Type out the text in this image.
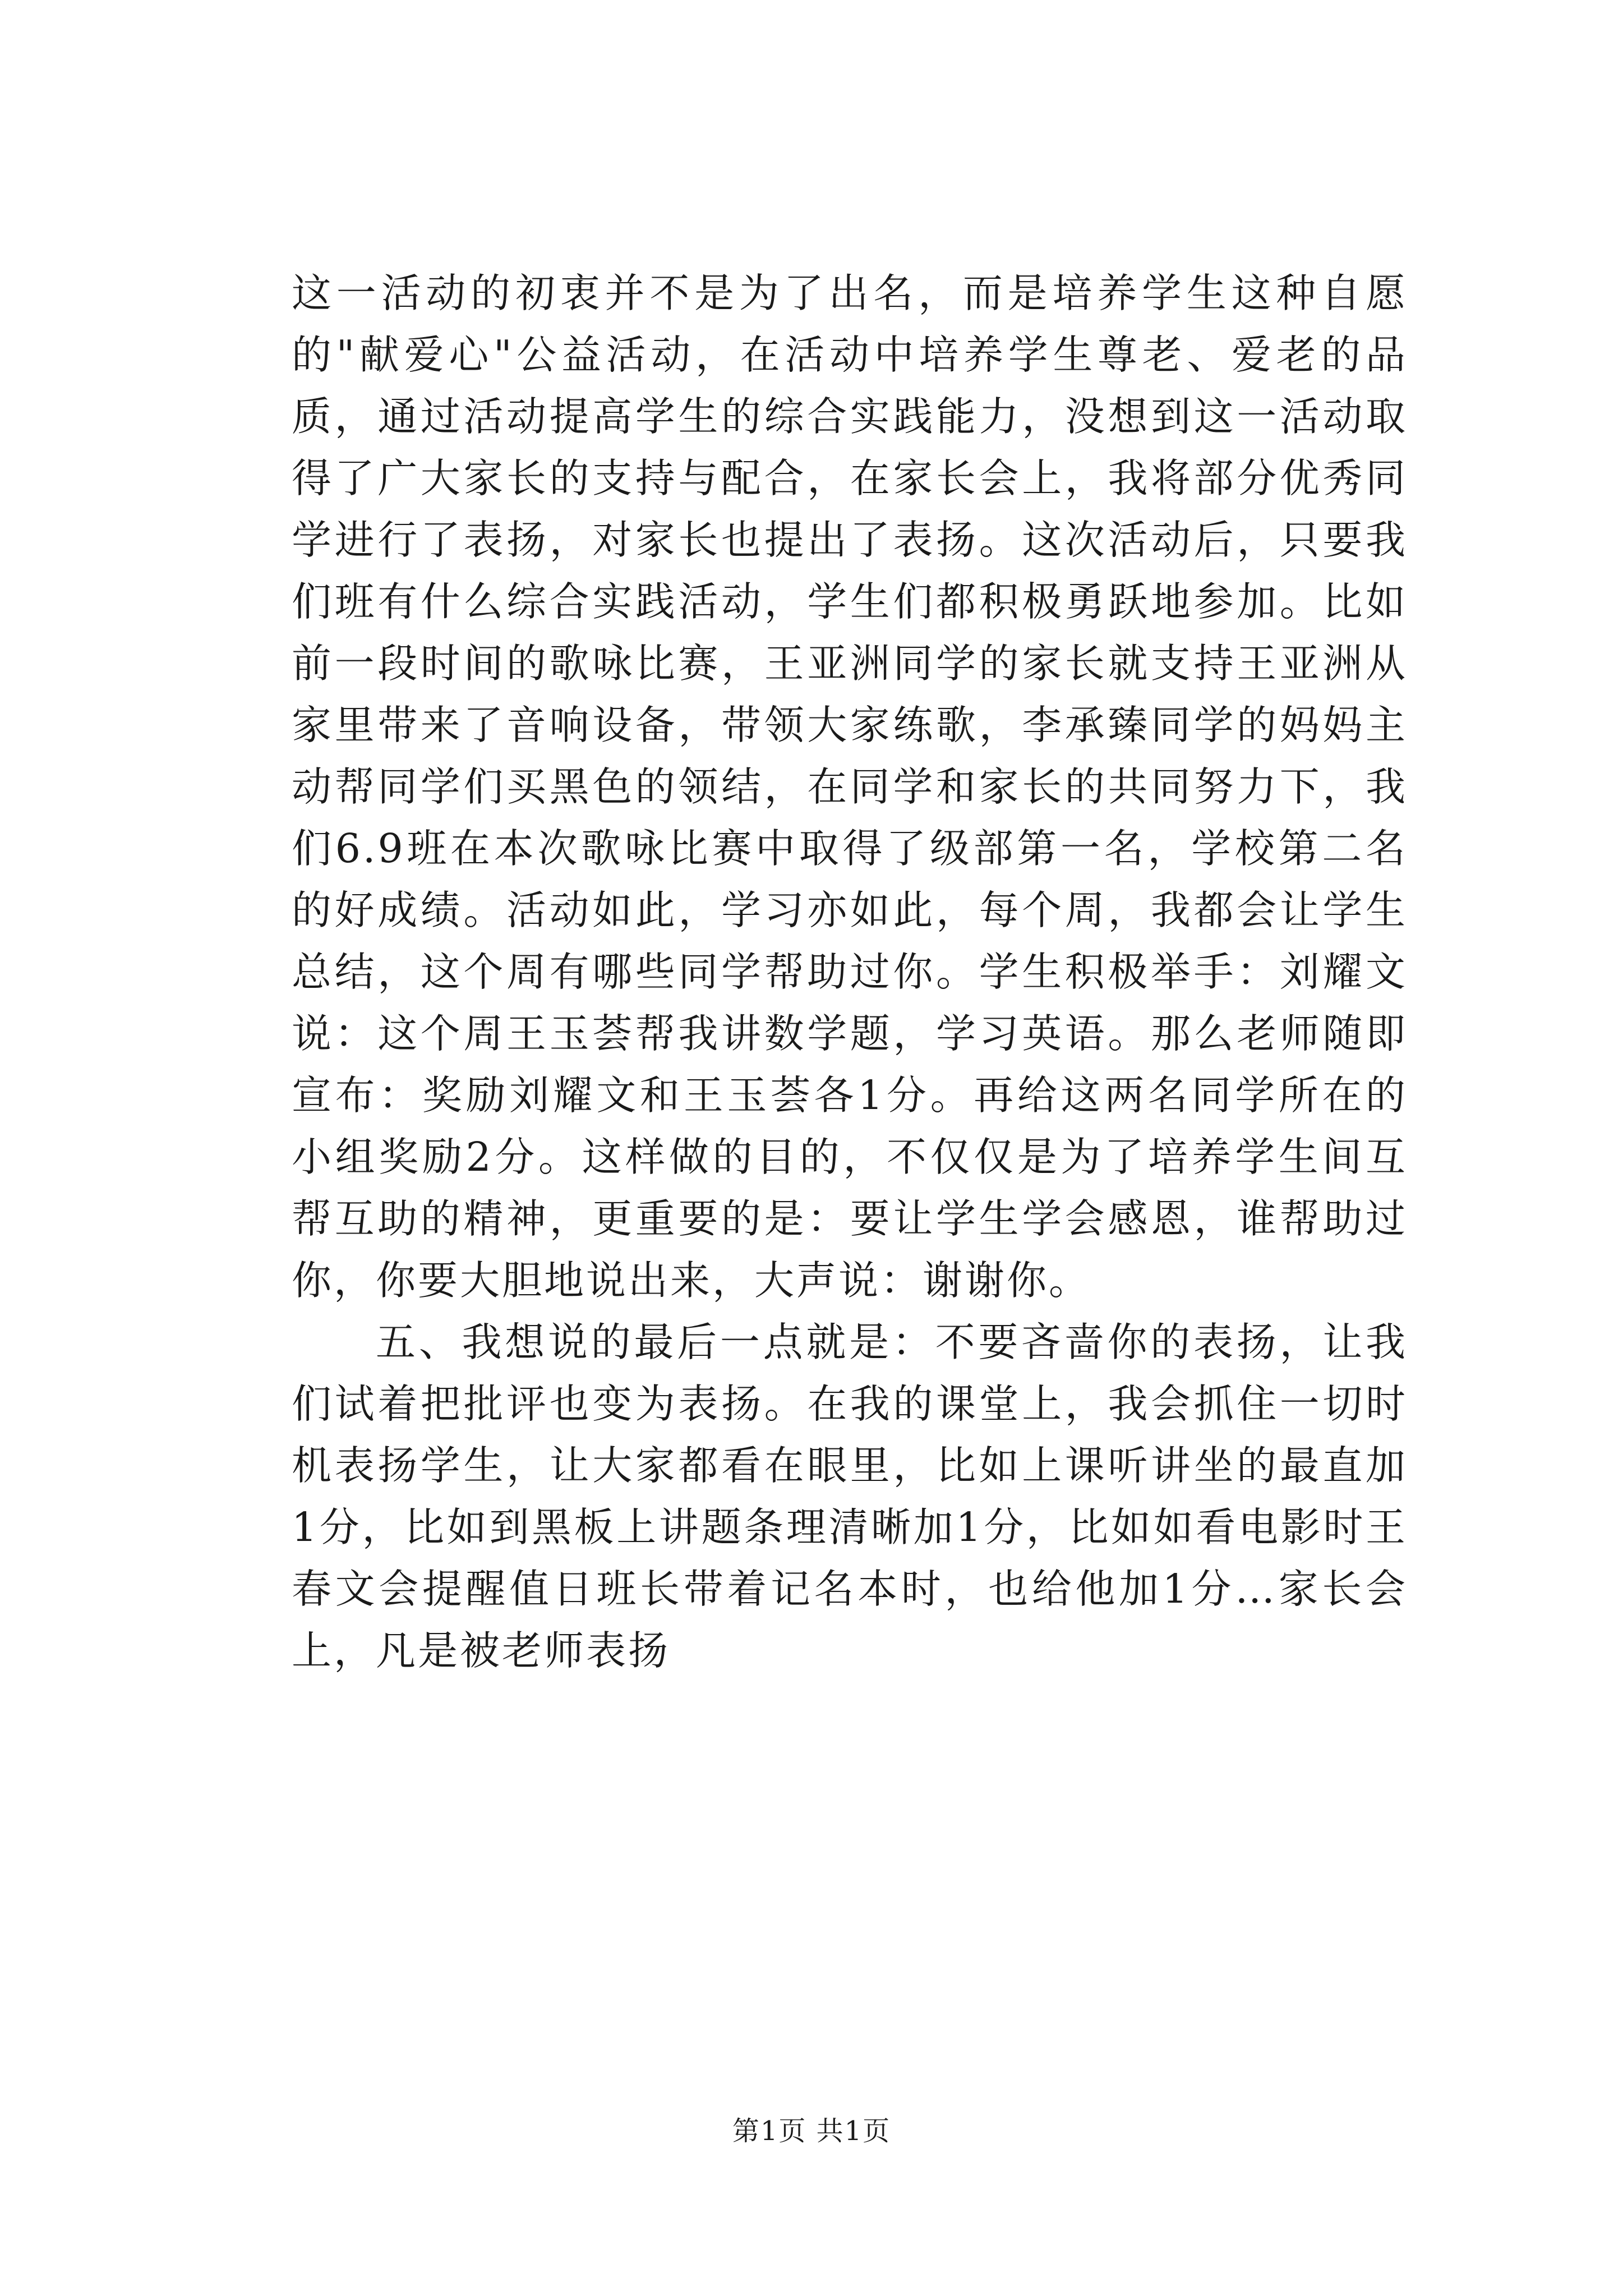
这一活动的初衷并不是为了出名，而是培养学生这种自愿的"献爱心"公益活动，在活动中培养学生尊老、爱老的品质，通过活动提高学生的综合实践能力，没想到这一活动取得了广大家长的支持与配合，在家长会上，我将部分优秀同学进行了表扬，对家长也提出了表扬。这次活动后，只要我们班有什么综合实践活动，学生们都积极勇跃地参加。比如前一段时间的歌咏比赛，王亚洲同学的家长就支持王亚洲从家里带来了音响设备，带领大家练歌，李承臻同学的妈妈主动帮同学们买黑色的领结，在同学和家长的共同努力下，我们6.9班在本次歌咏比赛中取得了级部第一名，学校第二名的好成绩。活动如此，学习亦如此，每个周，我都会让学生总结，这个周有哪些同学帮助过你。学生积极举手：刘耀文说：这个周王玉荟帮我讲数学题，学习英语。那么老师随即宣布：奖励刘耀文和王玉荟各1分。再给这两名同学所在的小组奖励2分。这样做的目的，不仅仅是为了培养学生间互帮互助的精神，更重要的是：要让学生学会感恩，谁帮助过你，你要大胆地说出来，大声说：谢谢你。

五、我想说的最后一点就是：不要吝啬你的表扬，让我们试着把批评也变为表扬。在我的课堂上，我会抓住一切时机表扬学生，让大家都看在眼里，比如上课听讲坐的最直加1分，比如到黑板上讲题条理清晰加1分，比如如看电影时王春文会提醒值日班长带着记名本时，也给他加1分…家长会上，凡是被老师表扬

第1页 共1页
